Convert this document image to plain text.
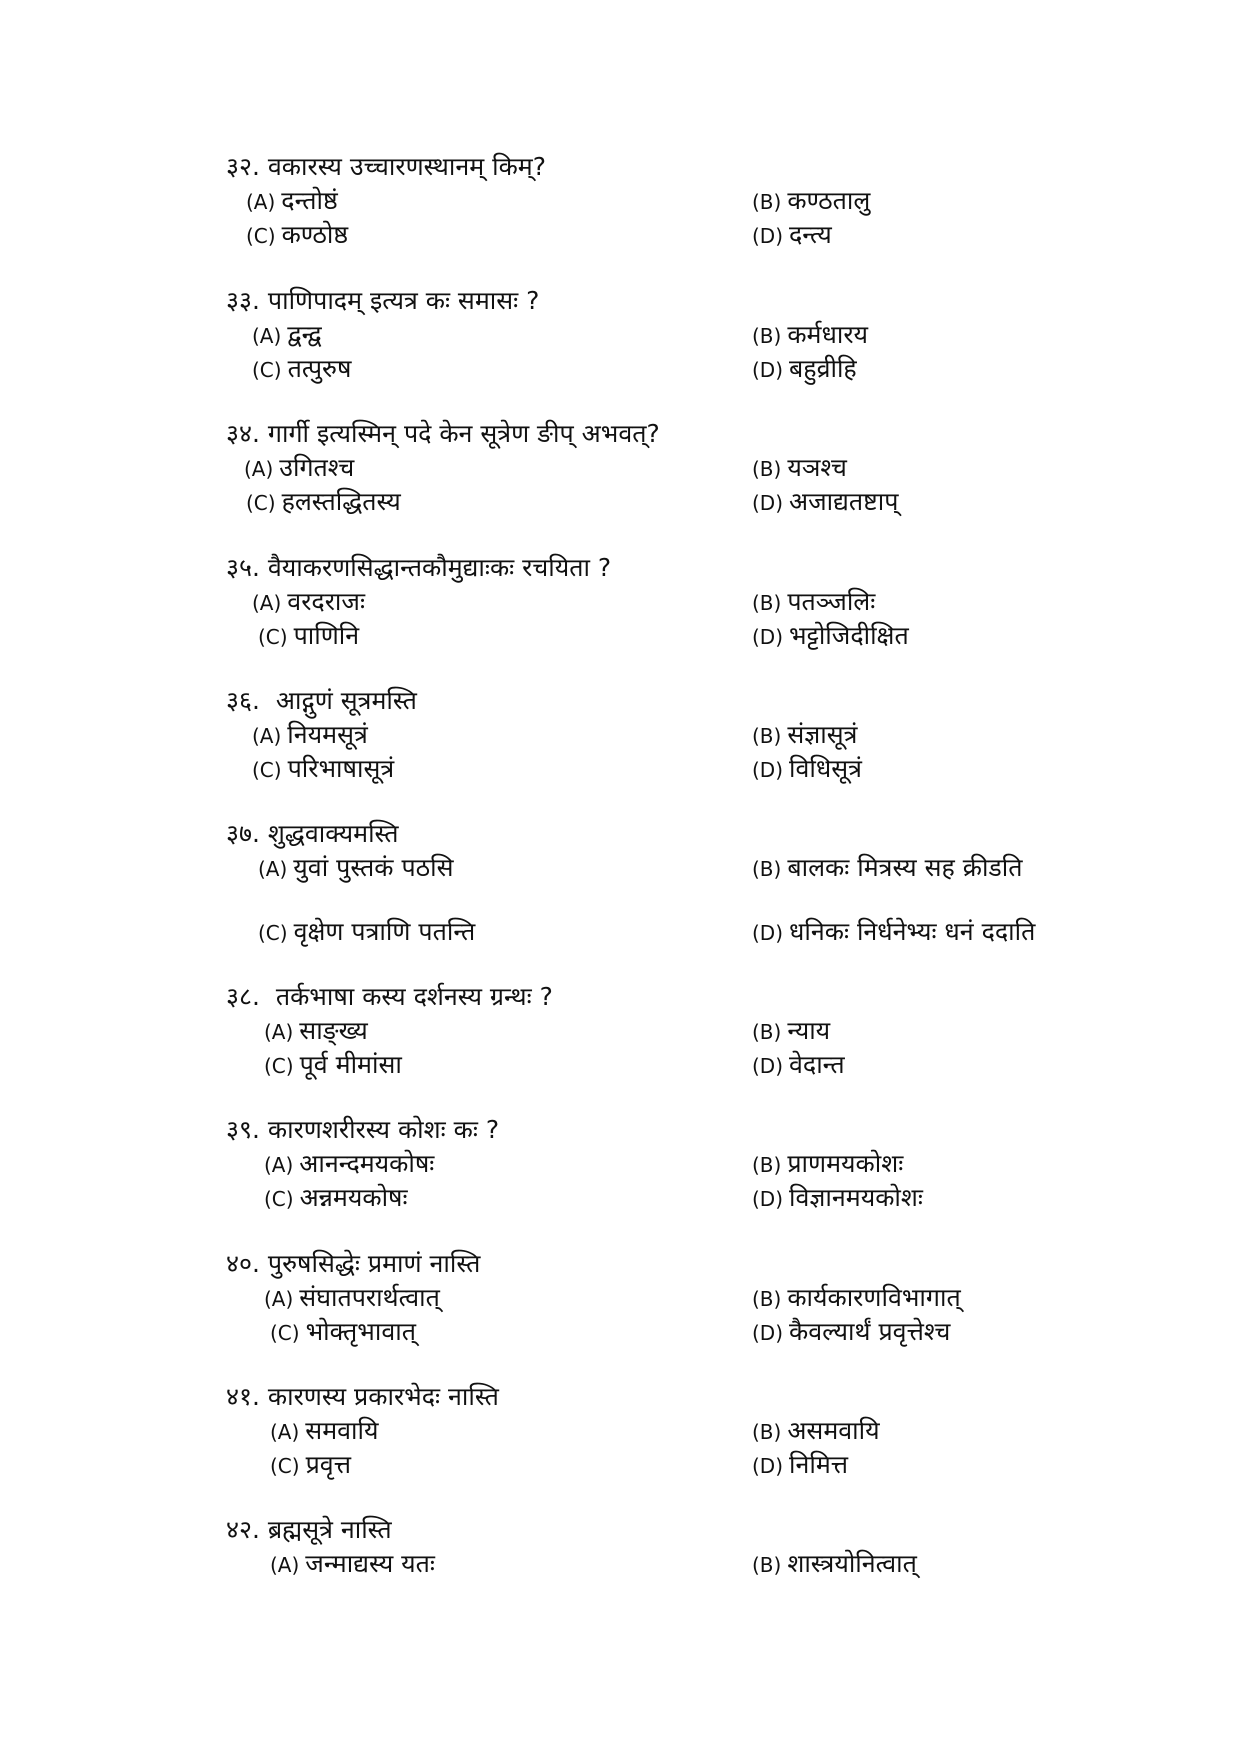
३२. वकारस्य उच्चारणस्थानम् किम्?
(A) दन्तोष्ठं	(B) कण्ठतालु
(C) कण्ठोष्ठ	(D) दन्त्य
३३. पाणिपादम् इत्यत्र कः समासः ?
(A) द्वन्द्व	(B) कर्मधारय
(C) तत्पुरुष	(D) बहुव्रीहि
३४. गार्गी इत्यस्मिन् पदे केन सूत्रेण ङीप् अभवत्?
(A) उगितश्च	(B) यञश्च
(C) हलस्तद्धितस्य	(D) अजाद्यतष्टाप्
३५. वैयाकरणसिद्धान्तकौमुद्याःकः रचयिता ?
(A) वरदराजः	(B) पतञ्जलिः
(C) पाणिनि	(D) भट्टोजिदीक्षित
३६.  आद्गुणं सूत्रमस्ति
(A) नियमसूत्रं	(B) संज्ञासूत्रं
(C) परिभाषासूत्रं	(D) विधिसूत्रं
३७. शुद्धवाक्यमस्ति
(A) युवां पुस्तकं पठसि	(B) बालकः मित्रस्य सह क्रीडति
(C) वृक्षेण पत्राणि पतन्ति	(D) धनिकः निर्धनेभ्यः धनं ददाति
३८.  तर्कभाषा कस्य दर्शनस्य ग्रन्थः ?
(A) साङ्ख्य	(B) न्याय
(C) पूर्व मीमांसा	(D) वेदान्त
३९. कारणशरीरस्य कोशः कः ?
(A) आनन्दमयकोषः	(B) प्राणमयकोशः
(C) अन्नमयकोषः	(D) विज्ञानमयकोशः
४०. पुरुषसिद्धेः प्रमाणं नास्ति
(A) संघातपरार्थत्वात्	(B) कार्यकारणविभागात्
(C) भोक्तृभावात्	(D) कैवल्यार्थं प्रवृत्तेश्च
४१. कारणस्य प्रकारभेदः नास्ति
(A) समवायि	(B) असमवायि
(C) प्रवृत्त	(D) निमित्त
४२. ब्रह्मसूत्रे नास्ति
(A) जन्माद्यस्य यतः	(B) शास्त्रयोनित्वात्
